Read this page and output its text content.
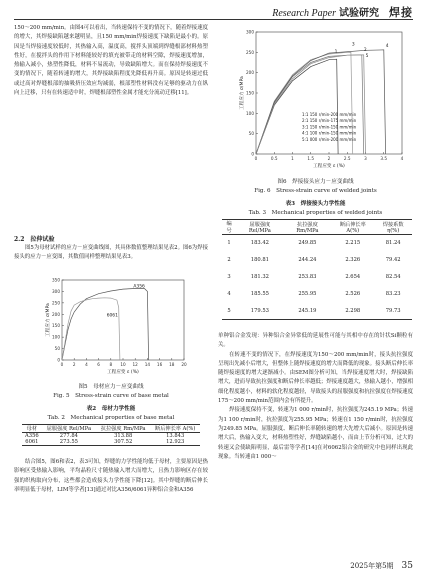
Research Paper 试验研究 焊接

150～200 mm/min。由图4可以看出，当转速保持不变的情况下，随着焊接速度的增大，其焊接缺陷越来越明显，且150 mm/min焊接速度下缺陷是最小的。原因是当焊接速度较低时，其热输入高，温度高，搅拌头顶端到焊缝根部材料热塑性好，在搅拌头的作用下材料能较好的填充被带走的材料空隙，焊接速度增加，热输入减小，热塑性降低，材料不易流动，导致缺陷增大。而在保持焊接速度不变的情况下，随着转速的增大，其焊接缺陷程度先降低再升高。原因是转速过低或过高对焊缝根部的抽吸挤压效应均减弱，根部塑性材料没有足够的驱动力在纵向上迁移，只有在转速适中时，焊缝根部塑性金属才能充分流动迁移[11]。

2.2　拉伸试验

图5为母材试样的应力－应变曲线图，其具体数值整理结果见表2。图6为焊接接头的应力－应变图，其数值同样整理结果见表3。

0 2 4 6 8 10 12 14 16 18 20
0
50
100
150
200
250
300
350
工程应变 ε (%)
工程应力 σ/MPa
A356
6061
图5　母材应力－应变曲线
Fig. 5　Stress-strain curve of base metal
表2　母材力学性能
Tab. 2　Mechanical properties of base metal
母材	屈服强度 Rel/MPa	抗拉强度 Rm/MPa	断后伸长率 A(%)
A356	277.84	313.88	13.843
6061	273.55	307.52	12.923

结合图5，图6和表2，表3可知，焊缝的力学性能均低于母材，主要原因是热影响区受热输入影响，平均晶粒尺寸随热输入增大而增大，且热力影响区存在较强的织构取向分布，这些都会造成接头力学性能下降[12]。其中焊缝的断后伸长率明显低于母材，LIM等学者[13]通过对比A356/6061异种铝合金和A356

0	0.5	1	1.5	2	2.5	3	3.5	4
0
50
100
150
200
250
300
工程应变 ε (%)
工程应力 σ/MPa
1	2
3	4
5
1:1 150 r/min-200 mm/min
2:1 150 r/min-175 mm/min
3:1 150 r/min-150 mm/min
4:1 100 r/min-150 mm/min
5:1 000 r/min-200 mm/min
图6　焊接接头应力－应变曲线
Fig. 6　Stress-strain curve of welded joints
表3　焊接接头力学性能
Tab. 3　Mechanical properties of welded joints
编号	屈服强度 Rel/MPa	抗拉强度 Rm/MPa	断后伸长率 A(%)	焊接系数 η(%)
1	183.42	249.85	2.215	81.24
2	180.81	244.24	2.326	79.42
3	181.32	253.83	2.654	82.54
4	185.55	255.95	2.526	83.23
5	179.53	245.19	2.298	79.73

单种铝合金发现：异种铝合金异常低的延展性可能与其相中存在的针状Si颗粒有关。

在转速不变的情况下，在焊接速度为150～200 mm/min时，接头抗拉强度呈现出先减小后增大，但整体上随焊接速度的增大而降低的现象。接头断后伸长率随焊接速度的增大逐渐减小。由SEM图分析可知，当焊接速度增大时，焊接缺陷增大，进而导致抗拉强度和断后伸长率越低；焊接速度越大，热输入越小，增强相细化程度越小，材料的软化程度越轻，导致接头的屈服强度和抗拉强度在焊接速度175～200 mm/min范围内会有所提升。

焊接速度保持不变，转速为1 000 r/min时，抗拉强度为245.19 MPa；转速为1 100 r/min时，抗拉强度为255.95 MPa；转速在1 150 r/min时，抗拉强度为249.85 MPa。屈服强度、断后伸长率随转速的增大先增大后减小。原因是转速增大后，热输入变大，材料热塑性好，焊缝缺陷越小，而由上节分析可知，过大的转速又会使缺陷明显，最后雷等学者[14]在对6062铝合金的研究中也同样出现此现象。当转速由1 000～

2025年第5期 35
